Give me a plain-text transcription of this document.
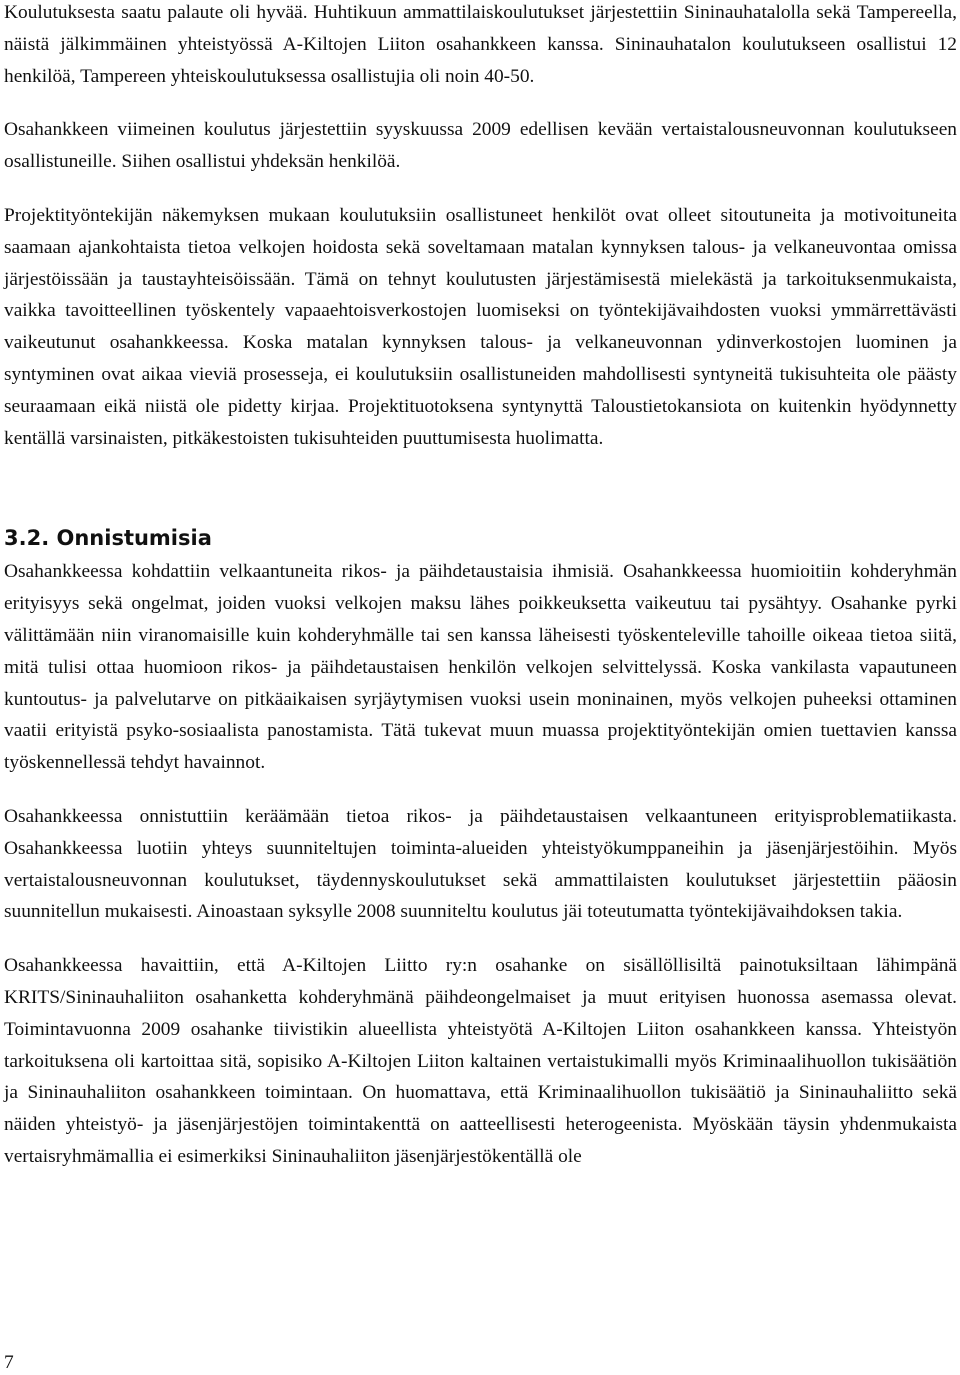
Koulutuksesta saatu palaute oli hyvää. Huhtikuun ammattilaiskoulutukset järjestettiin Sininauhatalolla sekä Tampereella, näistä jälkimmäinen yhteistyössä A-Kiltojen Liiton osahankkeen kanssa. Sininauhatalon koulutukseen osallistui 12 henkilöä, Tampereen yhteiskoulutuksessa osallistujia oli noin 40-50.

Osahankkeen viimeinen koulutus järjestettiin syyskuussa 2009 edellisen kevään vertaistalousneuvonnan koulutukseen osallistuneille. Siihen osallistui yhdeksän henkilöä.

Projektityöntekijän näkemyksen mukaan koulutuksiin osallistuneet henkilöt ovat olleet sitoutuneita ja motivoituneita saamaan ajankohtaista tietoa velkojen hoidosta sekä soveltamaan matalan kynnyksen talous- ja velkaneuvontaa omissa järjestöissään ja taustayhteisöissään. Tämä on tehnyt koulutusten järjestämisestä mielekästä ja tarkoituksenmukaista, vaikka tavoitteellinen työskentely vapaaehtoisverkostojen luomiseksi on työntekijävaihdosten vuoksi ymmärrettävästi vaikeutunut osahankkeessa. Koska matalan kynnyksen talous- ja velkaneuvonnan ydinverkostojen luominen ja syntyminen ovat aikaa vieviä prosesseja, ei koulutuksiin osallistuneiden mahdollisesti syntyneitä tukisuhteita ole päästy seuraamaan eikä niistä ole pidetty kirjaa. Projektituotoksena syntynyttä Taloustietokansiota on kuitenkin hyödynnetty kentällä varsinaisten, pitkäkestoisten tukisuhteiden puuttumisesta huolimatta.

3.2. Onnistumisia

Osahankkeessa kohdattiin velkaantuneita rikos- ja päihdetaustaisia ihmisiä. Osahankkeessa huomioitiin kohderyhmän erityisyys sekä ongelmat, joiden vuoksi velkojen maksu lähes poikkeuksetta vaikeutuu tai pysähtyy. Osahanke pyrki välittämään niin viranomaisille kuin kohderyhmälle tai sen kanssa läheisesti työskenteleville tahoille oikeaa tietoa siitä, mitä tulisi ottaa huomioon rikos- ja päihdetaustaisen henkilön velkojen selvittelyssä. Koska vankilasta vapautuneen kuntoutus- ja palvelutarve on pitkäaikaisen syrjäytymisen vuoksi usein moninainen, myös velkojen puheeksi ottaminen vaatii erityistä psyko-sosiaalista panostamista. Tätä tukevat muun muassa projektityöntekijän omien tuettavien kanssa työskennellessä tehdyt havainnot.

Osahankkeessa onnistuttiin keräämään tietoa rikos- ja päihdetaustaisen velkaantuneen erityisproblematiikasta. Osahankkeessa luotiin yhteys suunniteltujen toiminta-alueiden yhteistyökumppaneihin ja jäsenjärjestöihin. Myös vertaistalousneuvonnan koulutukset, täydennyskoulutukset sekä ammattilaisten koulutukset järjestettiin pääosin suunnitellun mukaisesti. Ainoastaan syksylle 2008 suunniteltu koulutus jäi toteutumatta työntekijävaihdoksen takia.

Osahankkeessa havaittiin, että A-Kiltojen Liitto ry:n osahanke on sisällöllisiltä painotuksiltaan lähimpänä KRITS/Sininauhaliiton osahanketta kohderyhmänä päihdeongelmaiset ja muut erityisen huonossa asemassa olevat. Toimintavuonna 2009 osahanke tiivistikin alueellista yhteistyötä A-Kiltojen Liiton osahankkeen kanssa. Yhteistyön tarkoituksena oli kartoittaa sitä, sopisiko A-Kiltojen Liiton kaltainen vertaistukimalli myös Kriminaalihuollon tukisäätiön ja Sininauhaliiton osahankkeen toimintaan. On huomattava, että Kriminaalihuollon tukisäätiö ja Sininauhaliitto sekä näiden yhteistyö- ja jäsenjärjestöjen toimintakenttä on aatteellisesti heterogeenista. Myöskään täysin yhdenmukaista vertaisryhmämallia ei esimerkiksi Sininauhaliiton jäsenjärjestökentällä ole

7
